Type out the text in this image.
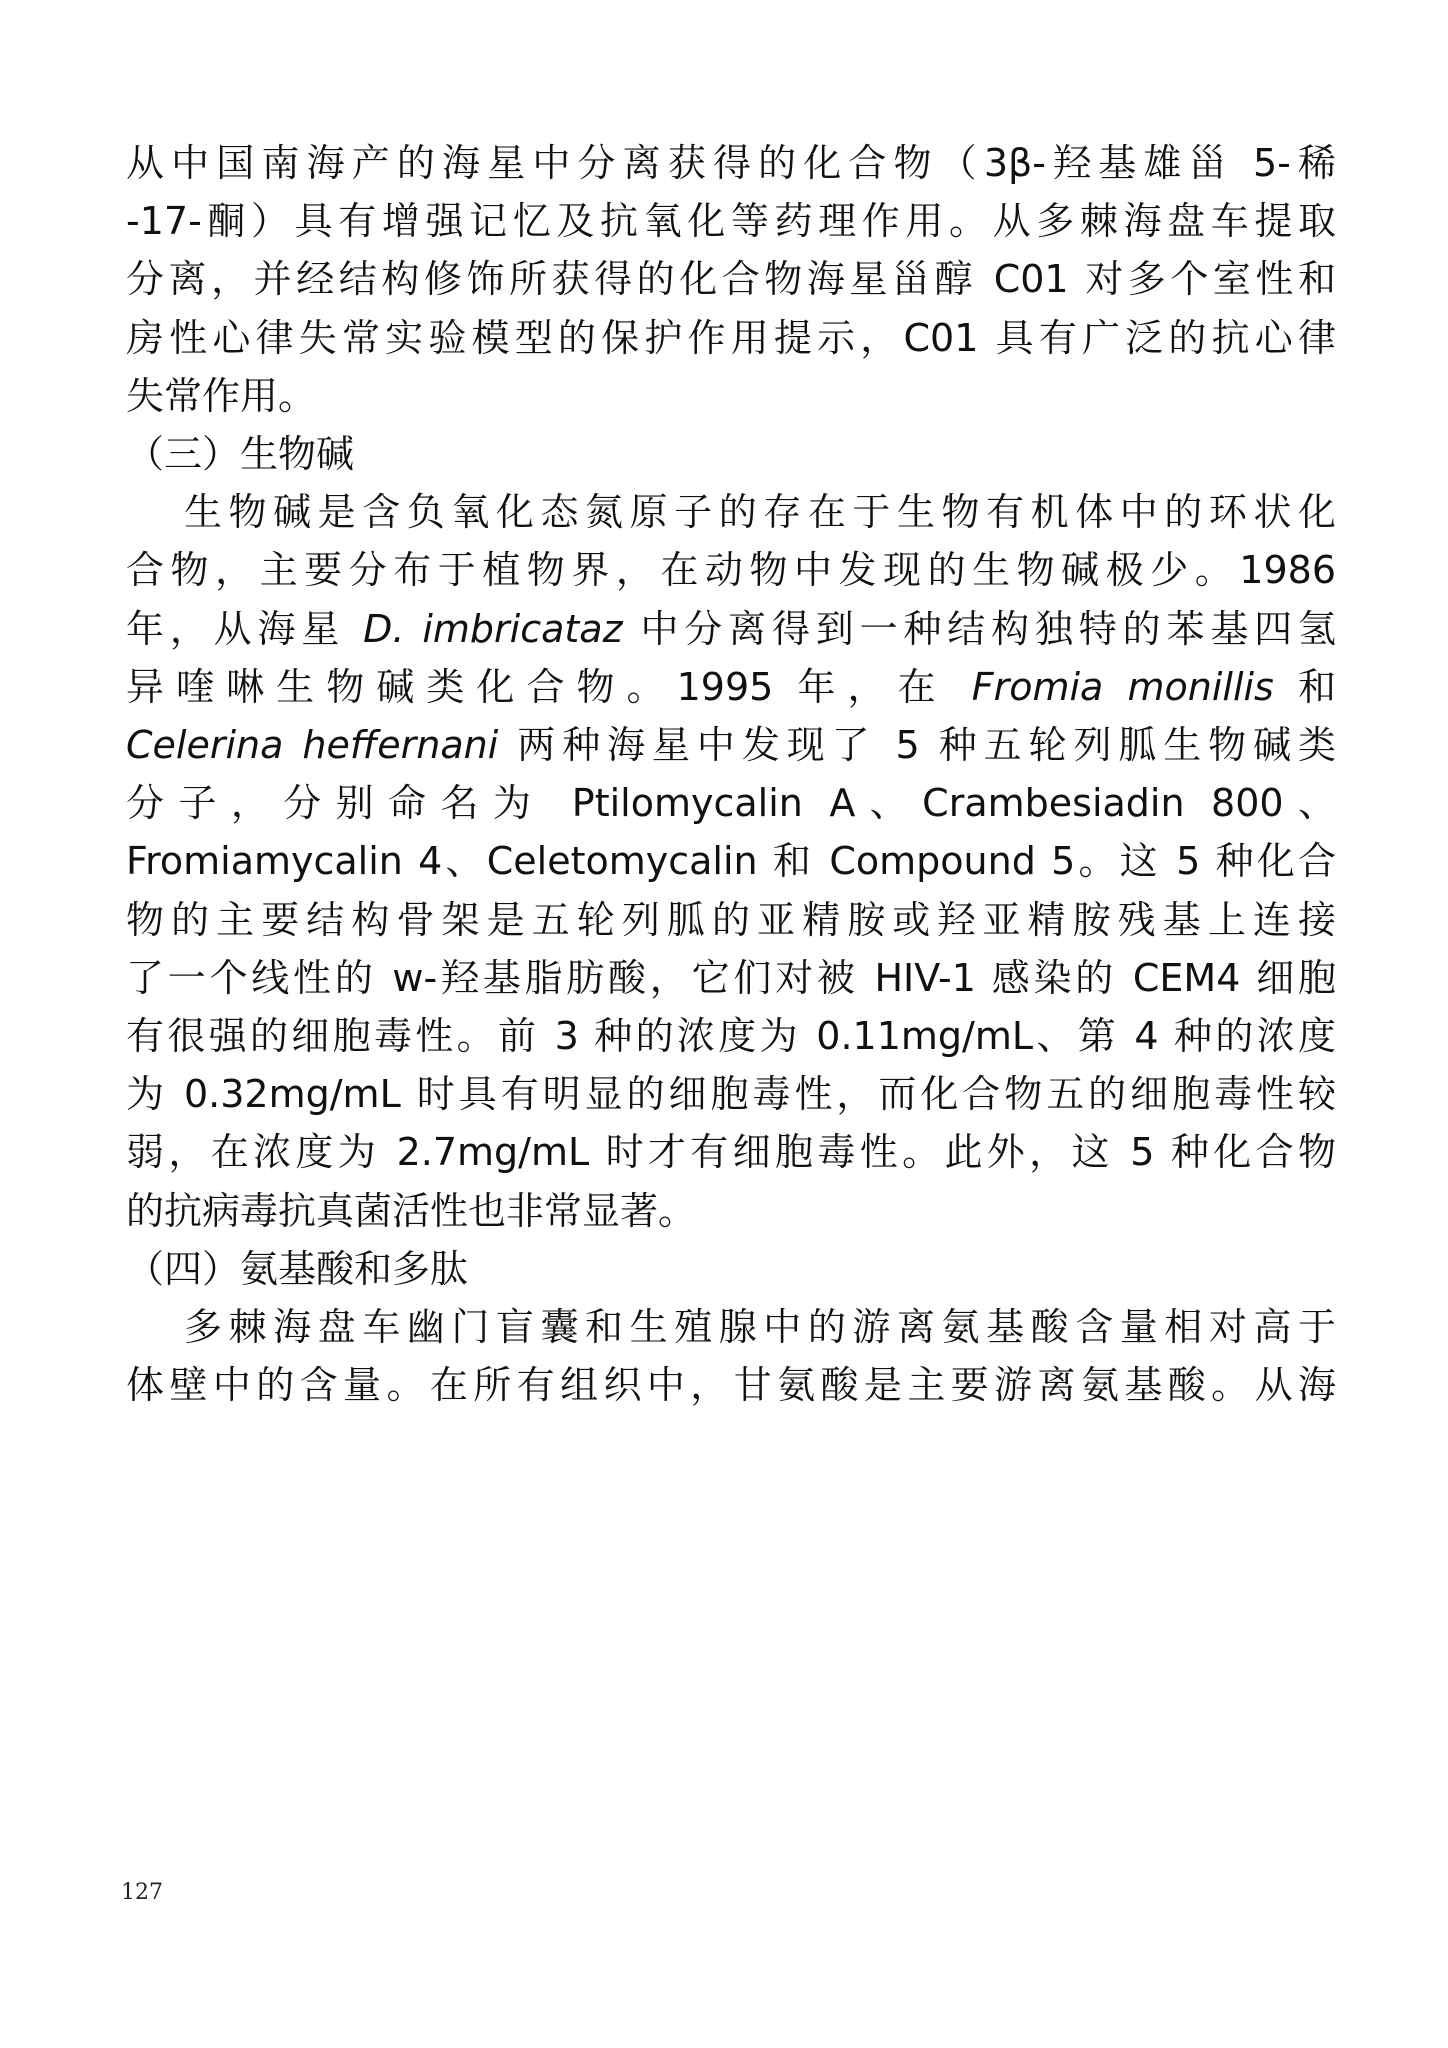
127
从中国南海产的海星中分离获得的化合物（3β-羟基雄甾 5-稀
-17-酮）具有增强记忆及抗氧化等药理作用。从多棘海盘车提取
分离，并经结构修饰所获得的化合物海星甾醇 C01 对多个室性和
房性心律失常实验模型的保护作用提示，C01 具有广泛的抗心律
失常作用。
（三）生物碱
生物碱是含负氧化态氮原子的存在于生物有机体中的环状化
合物，主要分布于植物界，在动物中发现的生物碱极少。1986
年，从海星 D. imbricataz 中分离得到一种结构独特的苯基四氢
异喹啉生物碱类化合物。1995 年，在 Fromia monillis 和
Celerina heffernani 两种海星中发现了 5 种五轮列胍生物碱类
分子，分别命名为 Ptilomycalin A、Crambesiadin 800、
Fromiamycalin 4、Celetomycalin 和 Compound 5。这 5 种化合
物的主要结构骨架是五轮列胍的亚精胺或羟亚精胺残基上连接
了一个线性的 w-羟基脂肪酸，它们对被 HIV-1 感染的 CEM4 细胞
有很强的细胞毒性。前 3 种的浓度为 0.11mg/mL、第 4 种的浓度
为 0.32mg/mL 时具有明显的细胞毒性，而化合物五的细胞毒性较
弱，在浓度为 2.7mg/mL 时才有细胞毒性。此外，这 5 种化合物
的抗病毒抗真菌活性也非常显著。
（四）氨基酸和多肽
多棘海盘车幽门盲囊和生殖腺中的游离氨基酸含量相对高于
体壁中的含量。在所有组织中，甘氨酸是主要游离氨基酸。从海
